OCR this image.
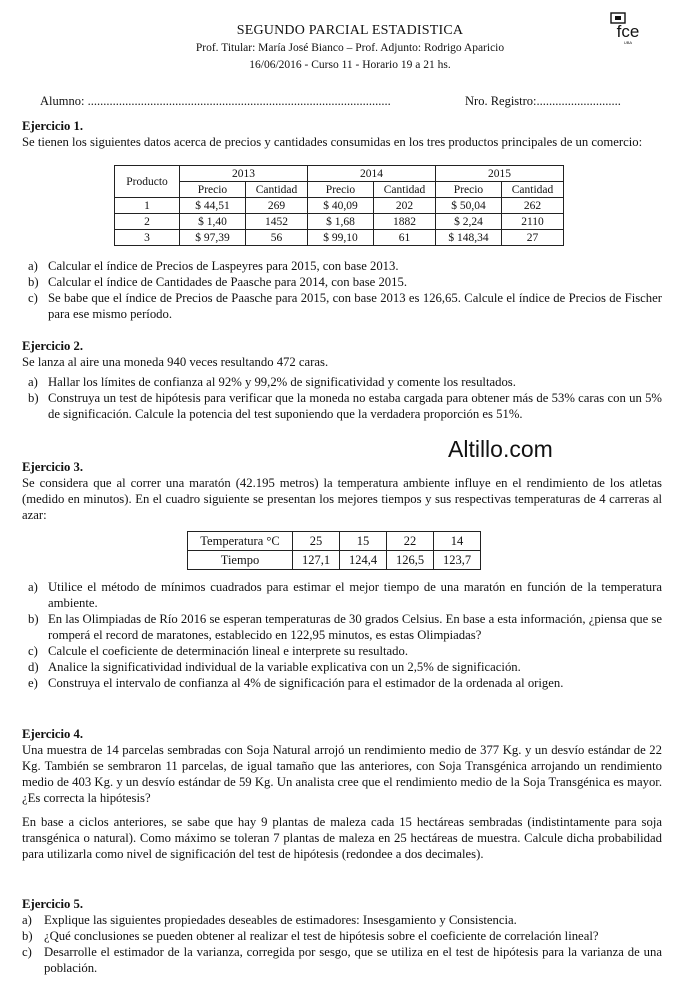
SEGUNDO PARCIAL ESTADISTICA
Prof. Titular: María José Bianco – Prof. Adjunto: Rodrigo Aparicio
16/06/2016 - Curso 11 - Horario 19 a 21 hs.
fce
UBA
Alumno: .................................................................................................	Nro. Registro:...........................
Ejercicio 1.
Se tienen los siguientes datos acerca de precios y cantidades consumidas en los tres productos principales de un comercio:
Producto	2013		2014		2015	
	Precio	Cantidad	Precio	Cantidad	Precio	Cantidad
1	$ 44,51	269	$ 40,09	202	$ 50,04	262
2	$ 1,40	1452	$ 1,68	1882	$ 2,24	2110
3	$ 97,39	56	$ 99,10	61	$ 148,34	27
a) Calcular el índice de Precios de Laspeyres para 2015, con base 2013.
b) Calcular el índice de Cantidades de Paasche para 2014, con base 2015.
c) Se babe que el índice de Precios de Paasche para 2015, con base 2013 es 126,65. Calcule el índice de Precios de Fischer para ese mismo período.
Ejercicio 2.
Se lanza al aire una moneda 940 veces resultando 472 caras.
a) Hallar los límites de confianza al 92% y 99,2% de significatividad y comente los resultados.
b) Construya un test de hipótesis para verificar que la moneda no estaba cargada para obtener más de 53% caras con un 5% de significación. Calcule la potencia del test suponiendo que la verdadera proporción es 51%.
Altillo.com
Ejercicio 3.
Se considera que al correr una maratón (42.195 metros) la temperatura ambiente influye en el rendimiento de los atletas (medido en minutos). En el cuadro siguiente se presentan los mejores tiempos y sus respectivas temperaturas de 4 carreras al azar:
Temperatura °C	25	15	22	14
Tiempo	127,1	124,4	126,5	123,7
a) Utilice el método de mínimos cuadrados para estimar el mejor tiempo de una maratón en función de la temperatura ambiente.
b) En las Olimpiadas de Río 2016 se esperan temperaturas de 30 grados Celsius. En base a esta información, ¿piensa que se romperá el record de maratones, establecido en 122,95 minutos, es estas Olimpiadas?
c) Calcule el coeficiente de determinación lineal e interprete su resultado.
d) Analice la significatividad individual de la variable explicativa con un 2,5% de significación.
e) Construya el intervalo de confianza al 4% de significación para el estimador de la ordenada al origen.
Ejercicio 4.
Una muestra de 14 parcelas sembradas con Soja Natural arrojó un rendimiento medio de 377 Kg. y un desvío estándar de 22 Kg. También se sembraron 11 parcelas, de igual tamaño que las anteriores, con Soja Transgénica arrojando un rendimiento medio de 403 Kg. y un desvío estándar de 59 Kg. Un analista cree que el rendimiento medio de la Soja Transgénica es mayor. ¿Es correcta la hipótesis?
En base a ciclos anteriores, se sabe que hay 9 plantas de maleza cada 15 hectáreas sembradas (indistintamente para soja transgénica o natural). Como máximo se toleran 7 plantas de maleza en 25 hectáreas de muestra. Calcule dicha probabilidad para utilizarla como nivel de significación del test de hipótesis (redondee a dos decimales).
Ejercicio 5.
a) Explique las siguientes propiedades deseables de estimadores: Insesgamiento y Consistencia.
b) ¿Qué conclusiones se pueden obtener al realizar el test de hipótesis sobre el coeficiente de correlación lineal?
c) Desarrolle el estimador de la varianza, corregida por sesgo, que se utiliza en el test de hipótesis para la varianza de una población.
